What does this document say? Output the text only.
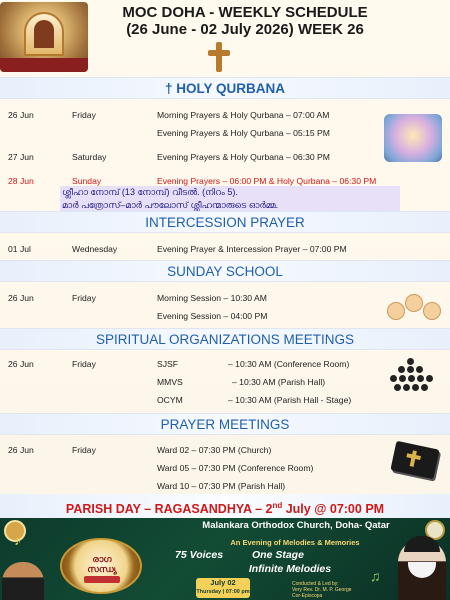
MOC DOHA - WEEKLY SCHEDULE
(26 June - 02 July 2026) WEEK 26
† HOLY QURBANA
26 Jun	Friday	Morning Prayers & Holy Qurbana – 07:00 AM
Evening Prayers & Holy Qurbana – 05:15 PM
27 Jun	Saturday	Evening Prayers & Holy Qurbana – 06:30 PM
28 Jun	Sunday	Evening Prayers – 06:00 PM & Holy Qurbana – 06:30 PM
ശ്ലീഹാ നോമ്പ് (13 നോമ്പ്) വീടൽ. (നിറം 5).
മാർ പത്രോസ്–മാർ പൗലോസ് ശ്ലീഹന്മാരുടെ ഓർമ്മ.
INTERCESSION PRAYER
01 Jul	Wednesday	Evening Prayer & Intercession Prayer – 07:00 PM
SUNDAY SCHOOL
26 Jun	Friday	Morning Session – 10:30 AM
Evening Session – 04:00 PM
SPIRITUAL ORGANIZATIONS MEETINGS
26 Jun	Friday	SJSF	– 10:30 AM (Conference Room)
MMVS	– 10:30 AM (Parish Hall)
OCYM	– 10:30 AM (Parish Hall - Stage)
PRAYER MEETINGS
26 Jun	Friday	Ward 02 – 07:30 PM (Church)
Ward 05 – 07:30 PM (Conference Room)
Ward 10 – 07:30 PM (Parish Hall)
PARISH DAY – RAGASANDHYA – 2nd July @ 07:00 PM
♪
♫
Malankara Orthodox Church, Doha- Qatar
രാഗ സന്ധ്യ
An Evening of Melodies & Memories
75 Voices	One Stage
Infinite Melodies
July 02
Thursday | 07:00 pm
Conducted & Led by:
Very Rev. Dr. M. P. George
Cor-Episcopa
